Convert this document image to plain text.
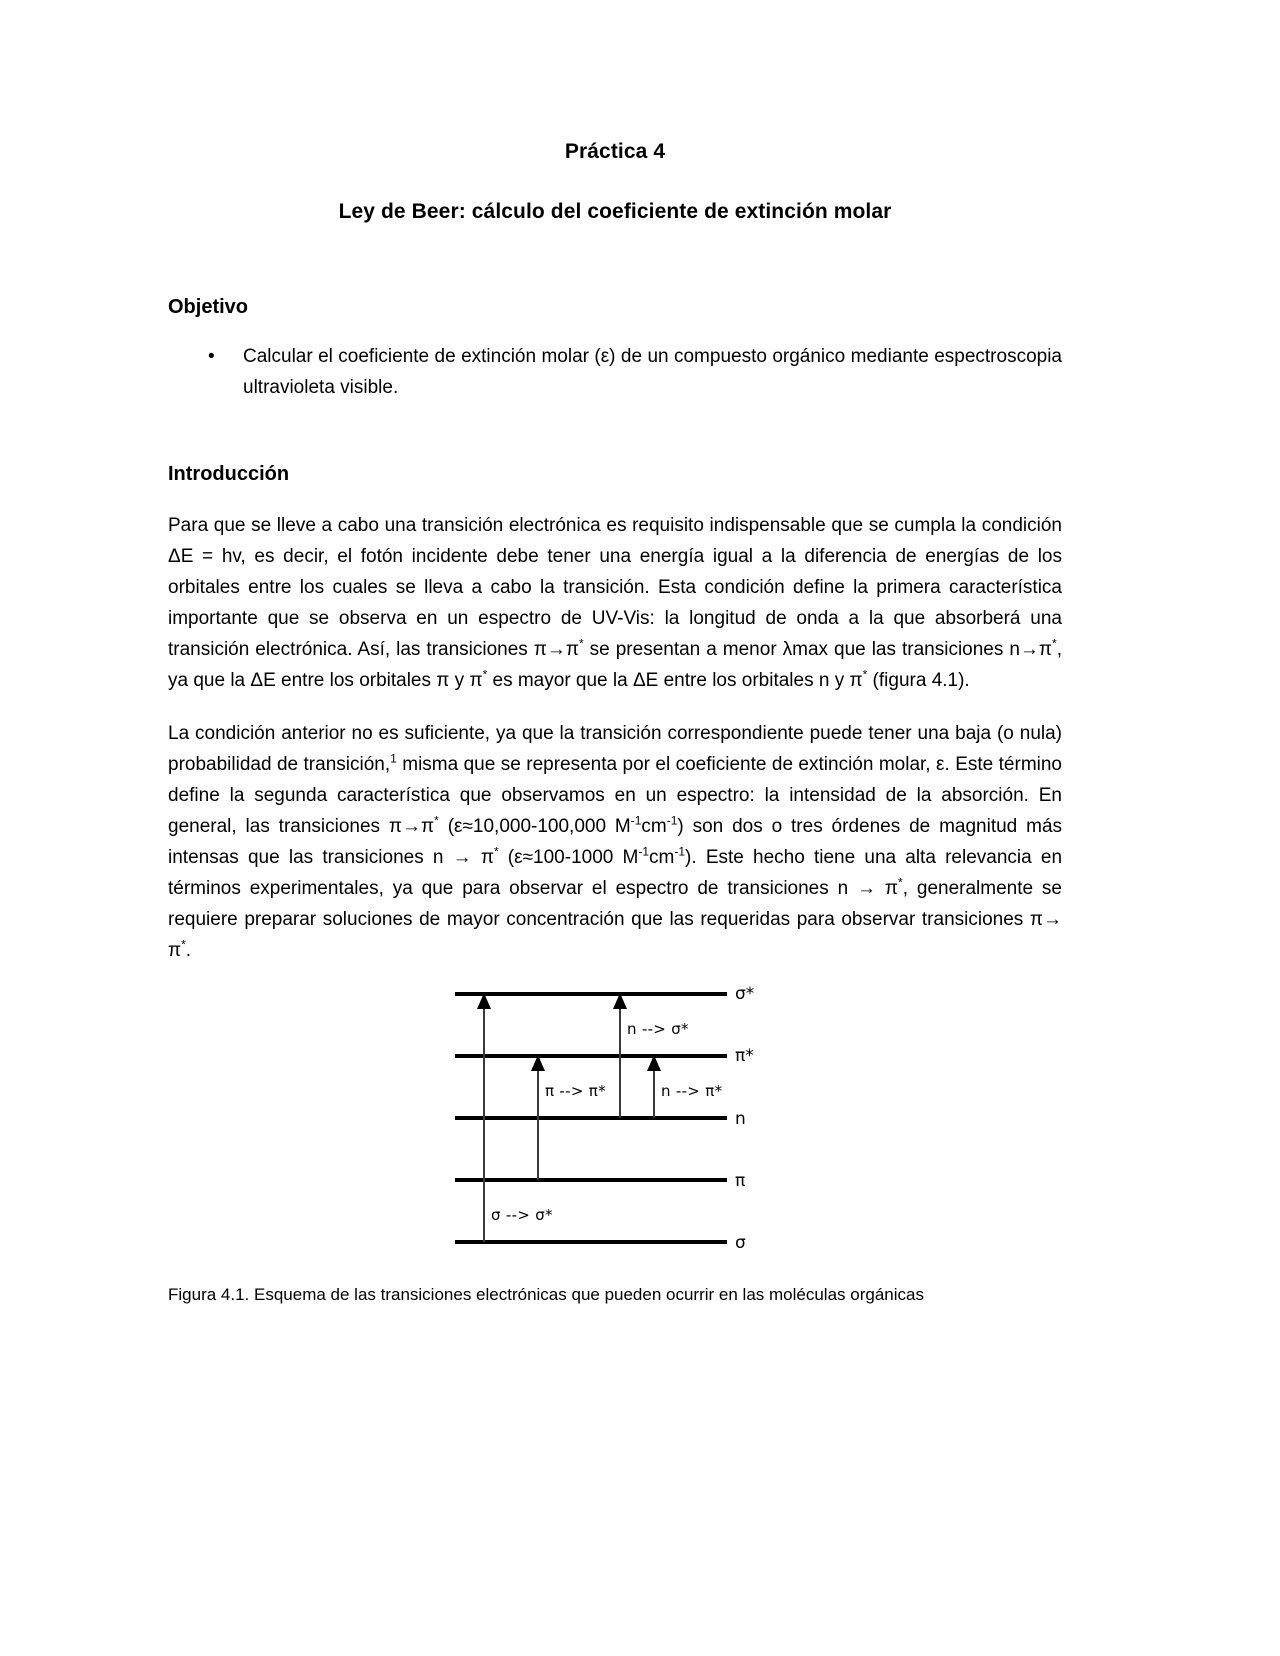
Práctica 4
Ley de Beer: cálculo del coeficiente de extinción molar
Objetivo
• Calcular el coeficiente de extinción molar (ε) de un compuesto orgánico mediante espectroscopia ultravioleta visible.
Introducción

Para que se lleve a cabo una transición electrónica es requisito indispensable que se cumpla la condición ΔE = hv, es decir, el fotón incidente debe tener una energía igual a la diferencia de energías de los orbitales entre los cuales se lleva a cabo la transición. Esta condición define la primera característica importante que se observa en un espectro de UV-Vis: la longitud de onda a la que absorberá una transición electrónica. Así, las transiciones π→π* se presentan a menor λmax que las transiciones n→π*, ya que la ΔE entre los orbitales π y π* es mayor que la ΔE entre los orbitales n y π* (figura 4.1).

La condición anterior no es suficiente, ya que la transición correspondiente puede tener una baja (o nula) probabilidad de transición,$^1$ misma que se representa por el coeficiente de extinción molar, ε. Este término define la segunda característica que observamos en un espectro: la intensidad de la absorción. En general, las transiciones π→π* (ε≈10,000-100,000 $M^{-1}cm^{-1}$) son dos o tres órdenes de magnitud más intensas que las transiciones n → π* (ε≈100-1000 $M^{-1}cm^{-1}$). Este hecho tiene una alta relevancia en términos experimentales, ya que para observar el espectro de transiciones n → π*, generalmente se requiere preparar soluciones de mayor concentración que las requeridas para observar transiciones π→ π*.

σ*
π*
n
π
σ
n --> σ*
π --> π*	n --> π*
σ --> σ*
Figura 4.1. Esquema de las transiciones electrónicas que pueden ocurrir en las moléculas orgánicas
